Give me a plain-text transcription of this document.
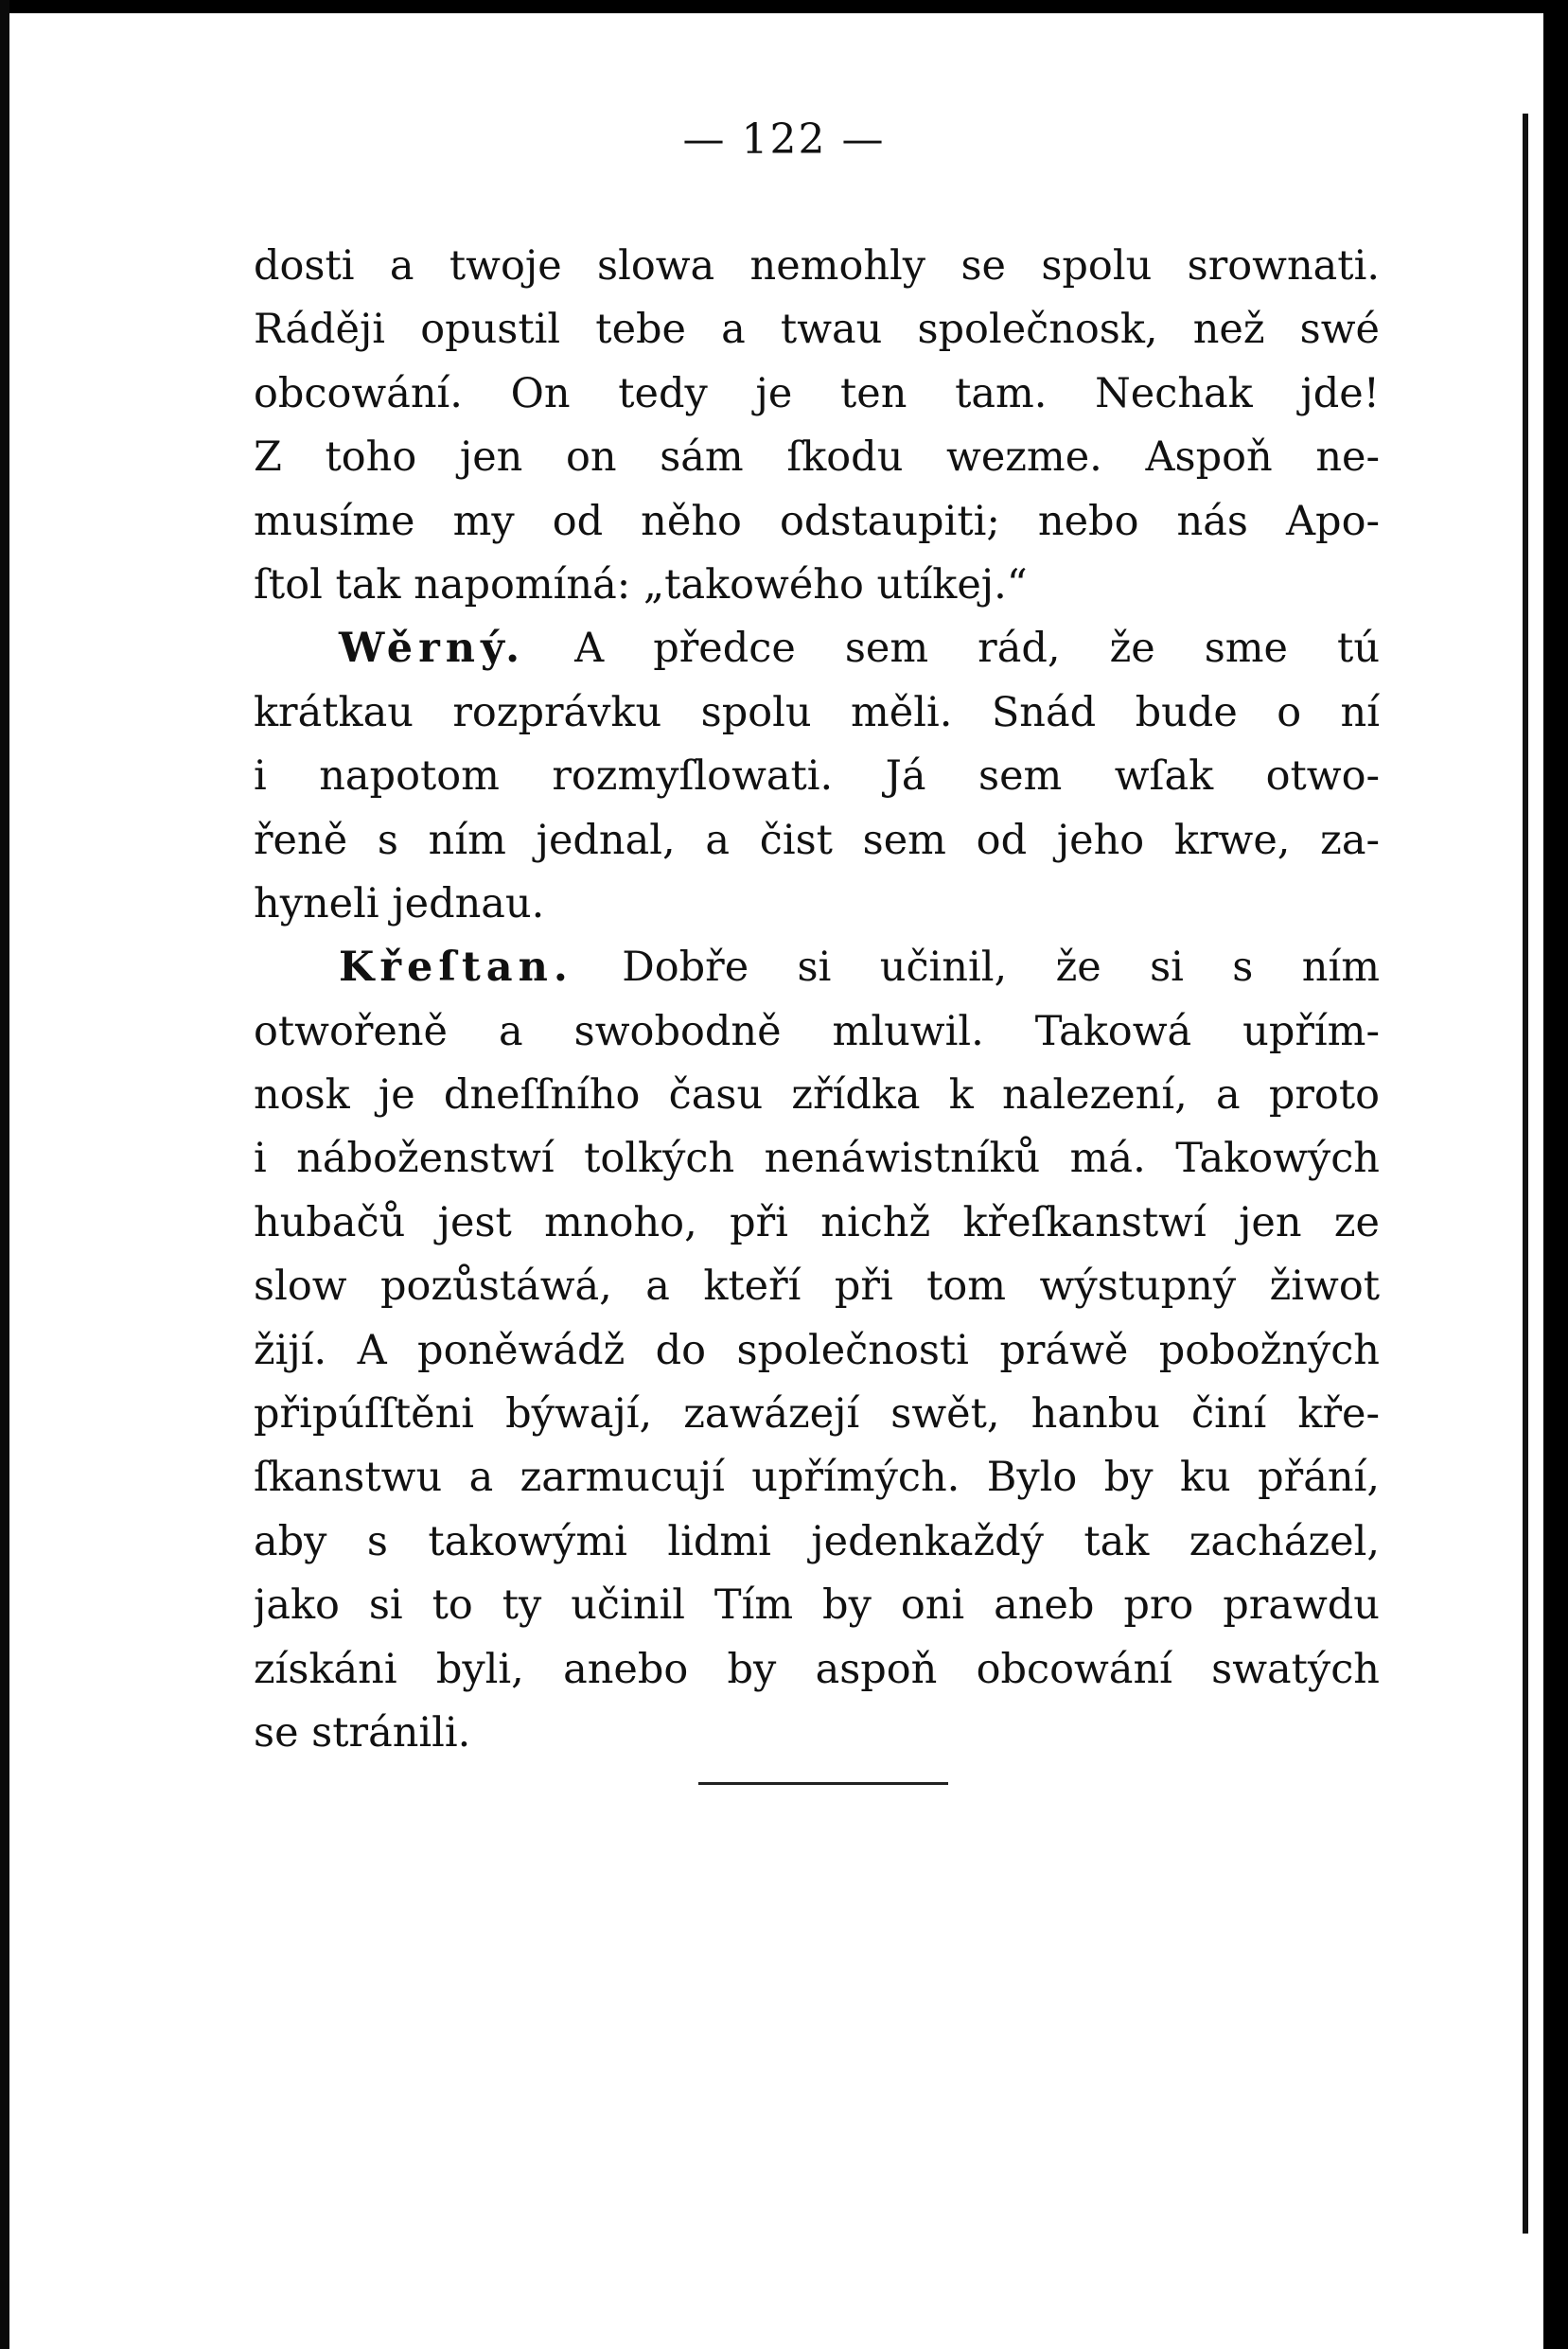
— 122 —
dosti a twoje slowa nemohly se spolu srownati.
Ráději opustil tebe a twau společnosk, než swé
obcowání. On tedy je ten tam. Nechak jde!
Z toho jen on sám ſkodu wezme. Aspoň ne-
musíme my od něho odstaupiti; nebo nás Apo-
ſtol tak napomíná: „takowého utíkej.“
Wěrný. A předce sem rád, že sme tú
krátkau rozprávku spolu měli. Snád bude o ní
i napotom rozmyſlowati. Já sem wſak otwo-
řeně s ním jednal, a čist sem od jeho krwe, za-
hyneli jednau.
Křeſtan. Dobře si učinil, že si s ním
otwořeně a swobodně mluwil. Takowá upřím-
nosk je dneſſního času zřídka k nalezení, a proto
i náboženstwí tolkých nenáwistníků má. Takowých
hubačů jest mnoho, při nichž křeſkanstwí jen ze
slow pozůstáwá, a kteří při tom wýstupný žiwot
žijí. A poněwádž do společnosti práwě pobožných
připúſſtěni býwají, zawázejí swět, hanbu činí kře-
ſkanstwu a zarmucují upřímých. Bylo by ku přání,
aby s takowými lidmi jedenkaždý tak zacházel,
jako si to ty učinil Tím by oni aneb pro prawdu
získáni byli, anebo by aspoň obcowání swatých
se stránili.
